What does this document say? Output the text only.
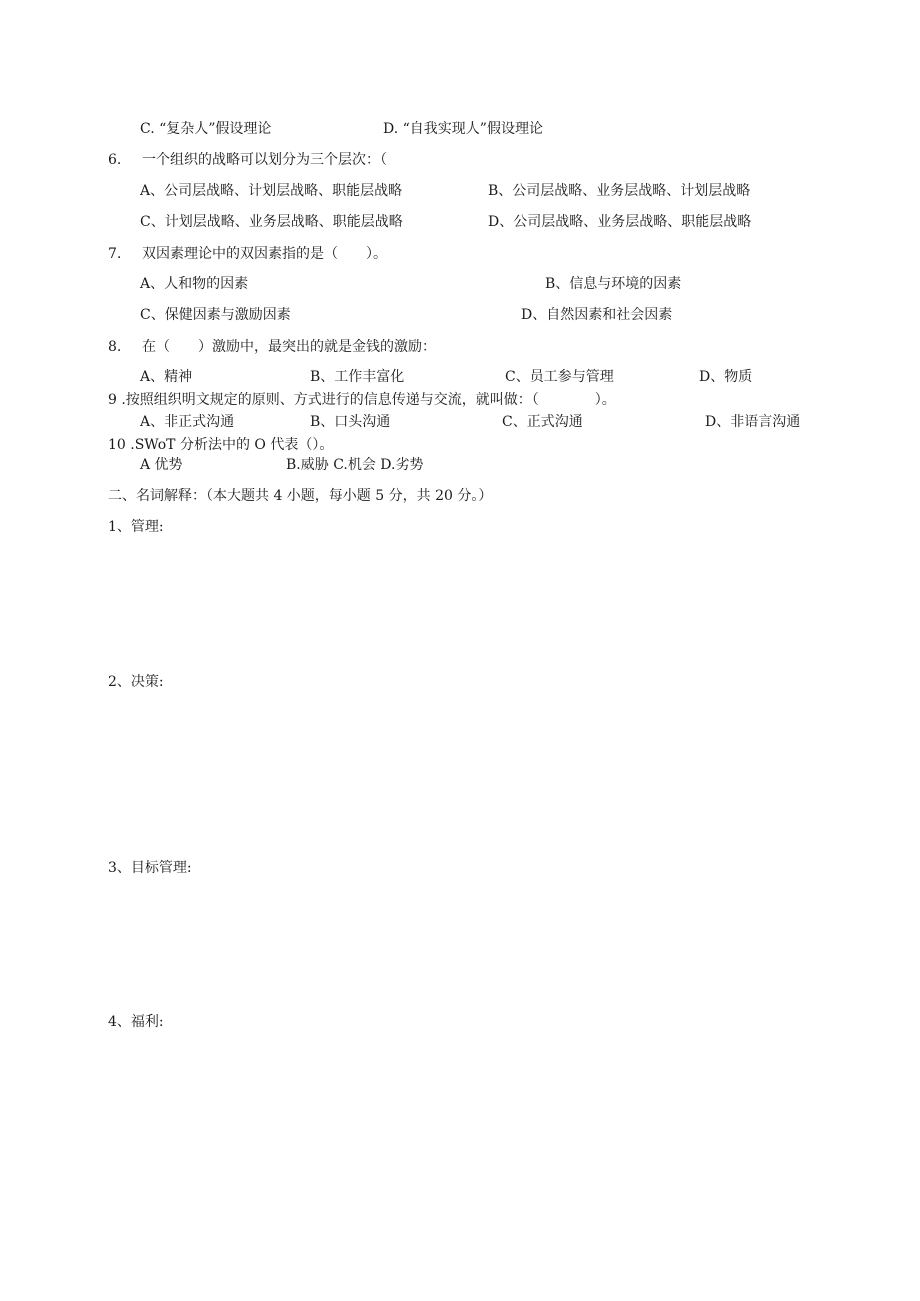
C. “复杂人”假设理论	D. “自我实现人”假设理论
6. 一个组织的战略可以划分为三个层次：（
A、公司层战略、计划层战略、职能层战略	B、公司层战略、业务层战略、计划层战略
C、计划层战略、业务层战略、职能层战略	D、公司层战略、业务层战略、职能层战略
7. 双因素理论中的双因素指的是（　　）。
A、人和物的因素	B、信息与环境的因素
C、保健因素与激励因素	D、自然因素和社会因素
8. 在（　　）激励中，最突出的就是金钱的激励：
A、精神	B、工作丰富化	C、员工参与管理	D、物质
9 .按照组织明文规定的原则、方式进行的信息传递与交流，就叫做：（　　　　）。
A、非正式沟通	B、口头沟通	C、正式沟通	D、非语言沟通
10 .SWoT 分析法中的 O 代表（）。
A 优势	B.威胁 C.机会 D.劣势
二、名词解释：（本大题共 4 小题，每小题 5 分，共 20 分。）
1、管理:
2、决策:
3、目标管理:
4、福利:
